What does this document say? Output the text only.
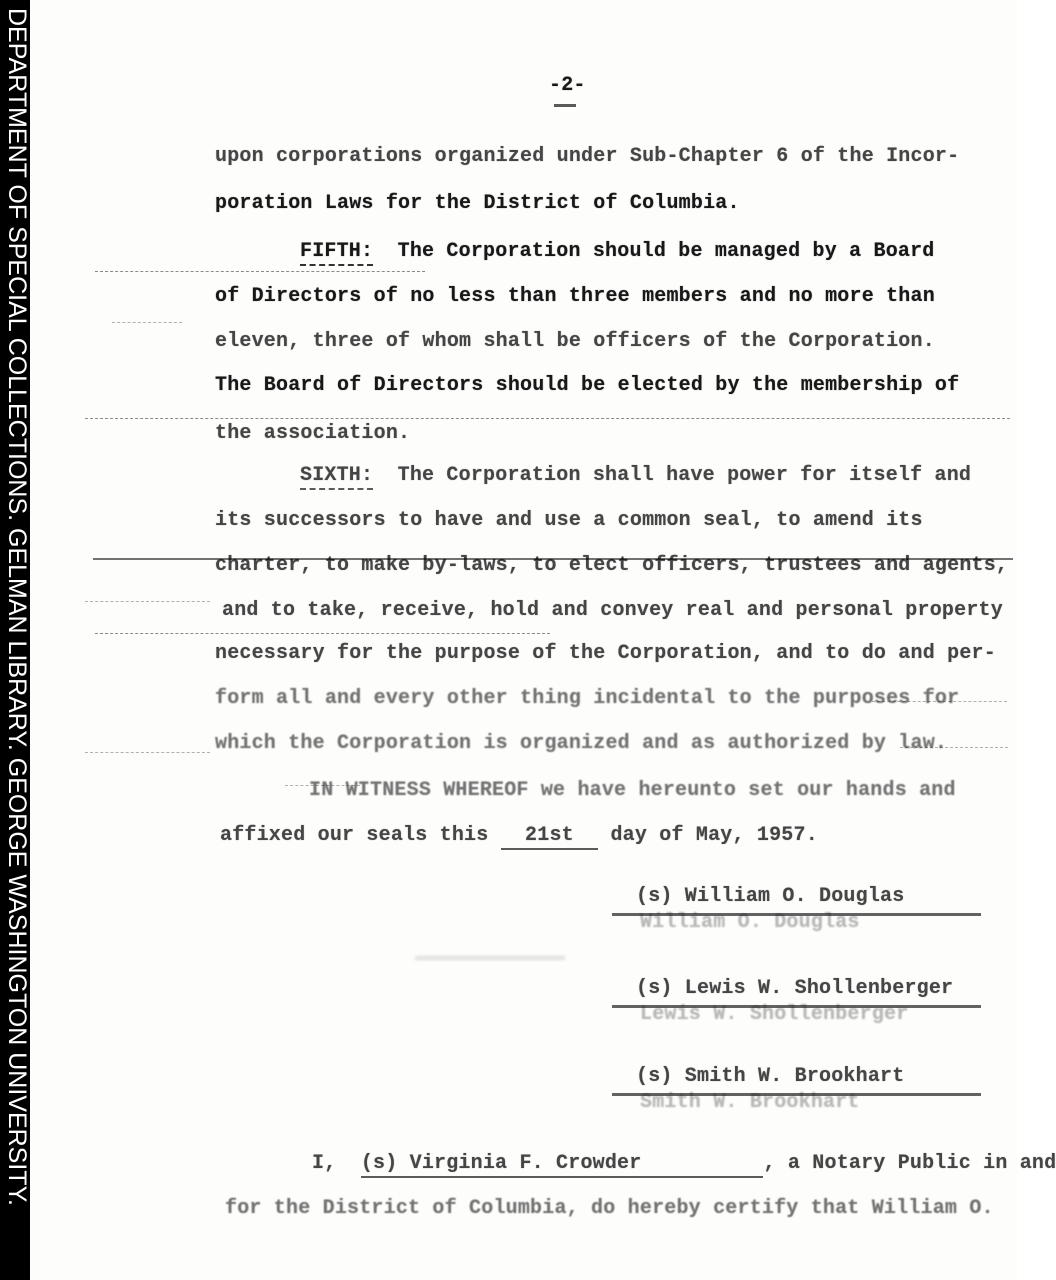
DEPARTMENT OF SPECIAL COLLECTIONS. GELMAN LIBRARY. GEORGE WASHINGTON UNIVERSITY.	-2-
upon corporations organized under Sub-Chapter 6 of the Incor-
poration Laws for the District of Columbia.
FIFTH:  The Corporation should be managed by a Board
of Directors of no less than three members and no more than
eleven, three of whom shall be officers of the Corporation.
The Board of Directors should be elected by the membership of
the association.
SIXTH:  The Corporation shall have power for itself and
its successors to have and use a common seal, to amend its
charter, to make by-laws, to elect officers, trustees and agents,
and to take, receive, hold and convey real and personal property
necessary for the purpose of the Corporation, and to do and per-
form all and every other thing incidental to the purposes for
which the Corporation is organized and as authorized by law.
IN WITNESS WHEREOF we have hereunto set our hands and
affixed our seals this   21st   day of May, 1957.
(s) William O. Douglas
William O. Douglas
(s) Lewis W. Shollenberger
Lewis W. Shollenberger
(s) Smith W. Brookhart
Smith W. Brookhart
I,  (s) Virginia F. Crowder          , a Notary Public in and
for the District of Columbia, do hereby certify that William O.
